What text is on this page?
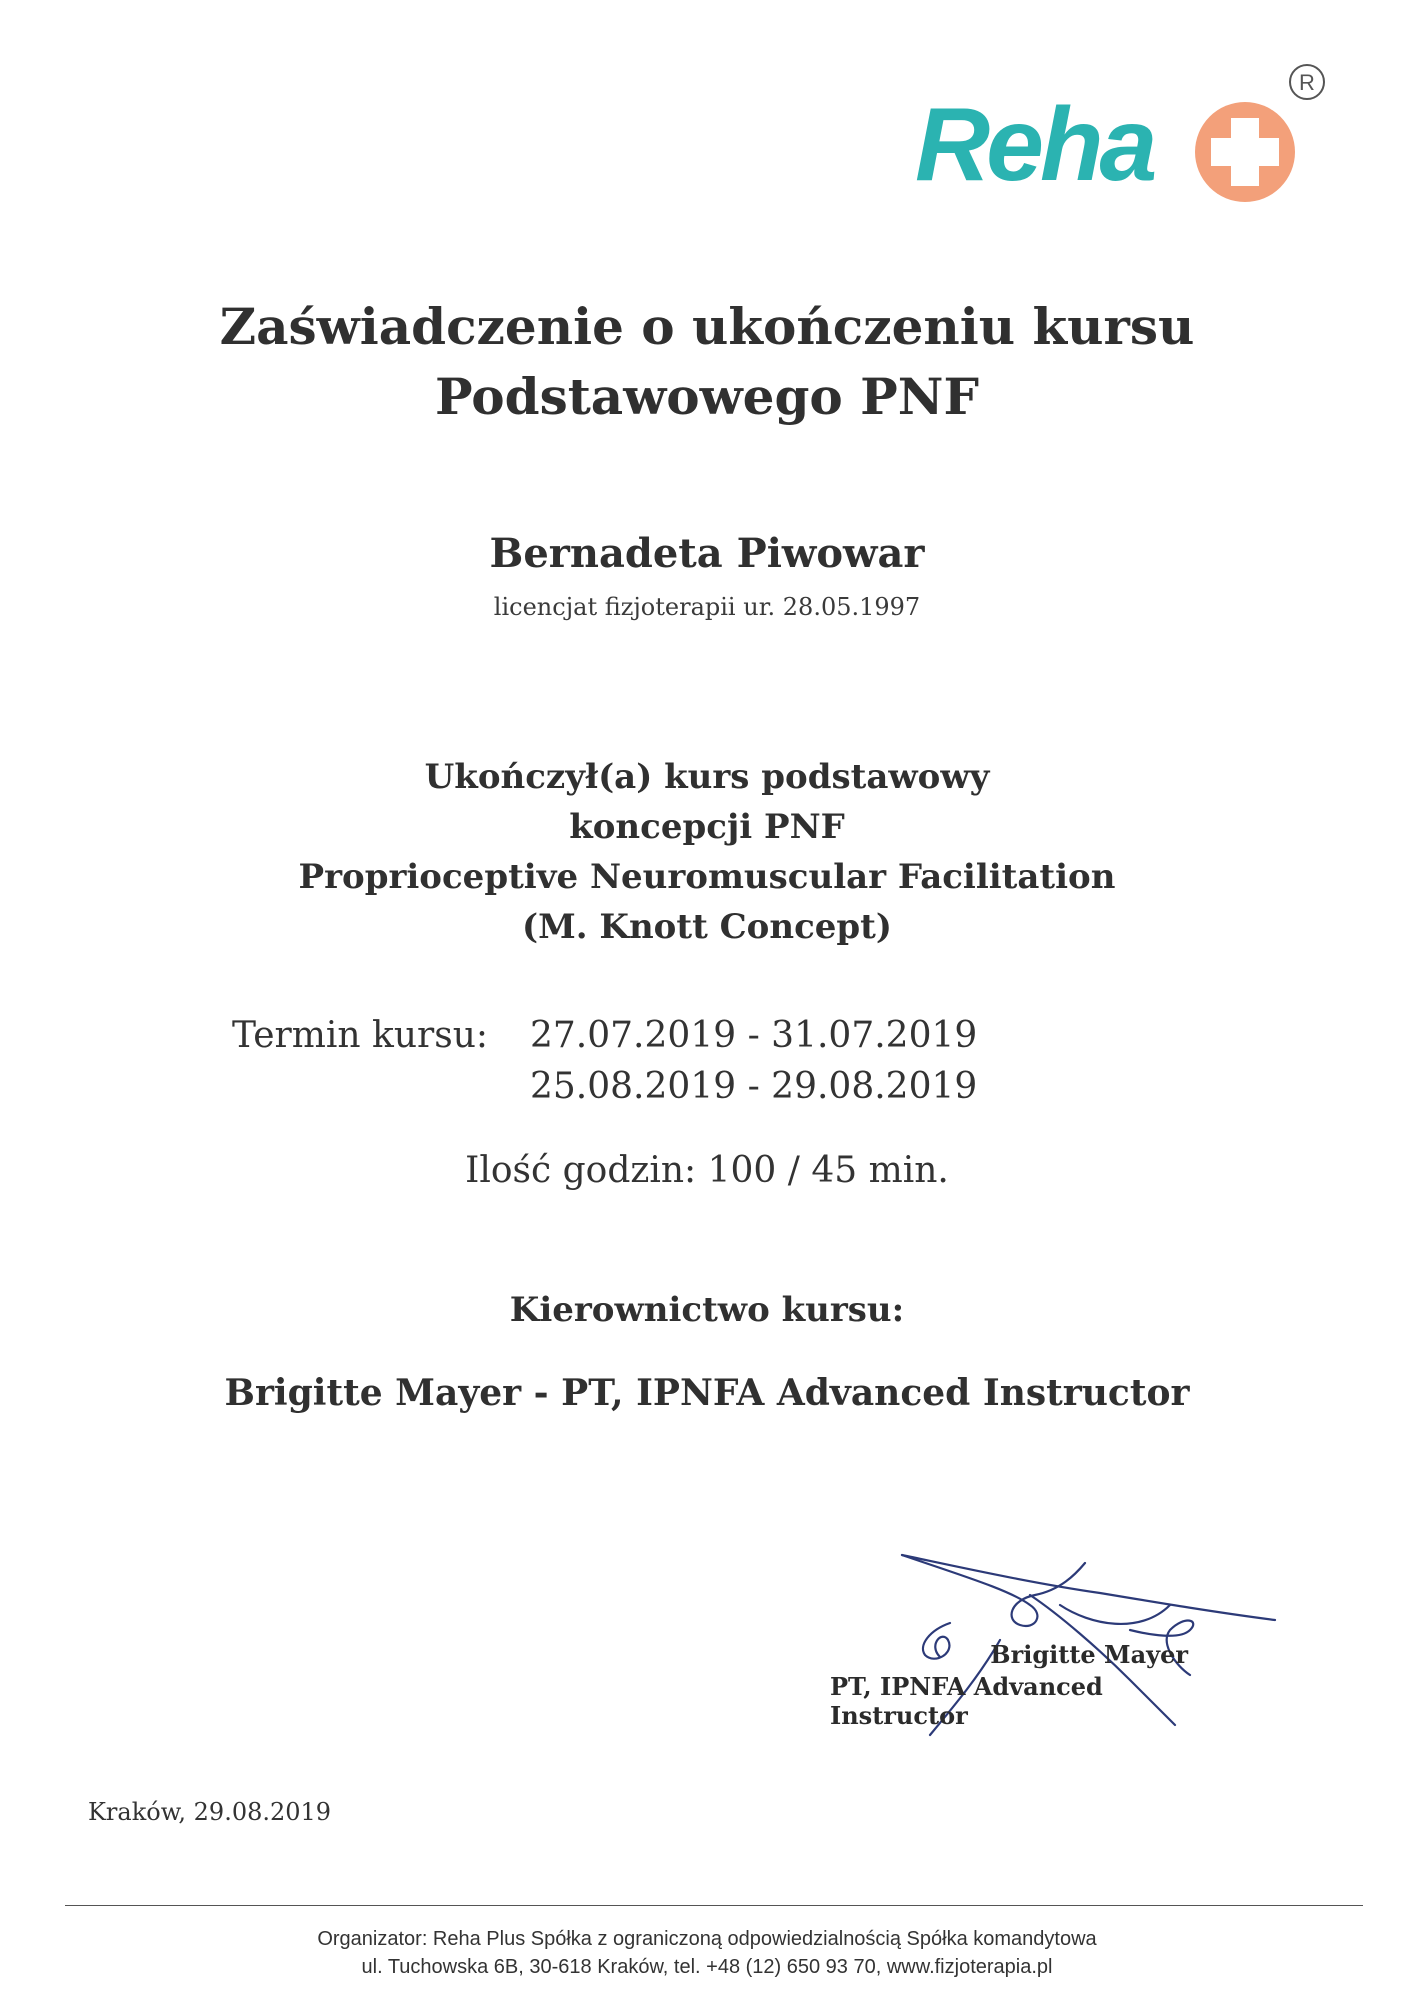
Reha
R
Zaświadczenie o ukończeniu kursu
Podstawowego PNF
Bernadeta Piwowar
licencjat fizjoterapii ur. 28.05.1997
Ukończył(a) kurs podstawowy
koncepcji PNF
Proprioceptive Neuromuscular Facilitation
(M. Knott Concept)
Termin kursu: 27.07.2019 - 31.07.2019
25.08.2019 - 29.08.2019
Ilość godzin: 100 / 45 min.
Kierownictwo kursu:
Brigitte Mayer - PT, IPNFA Advanced Instructor
Brigitte Mayer
PT, IPNFA Advanced Instructor
Kraków, 29.08.2019
Organizator: Reha Plus Spółka z ograniczoną odpowiedzialnością Spółka komandytowa
ul. Tuchowska 6B, 30-618 Kraków, tel. +48 (12) 650 93 70, www.fizjoterapia.pl
